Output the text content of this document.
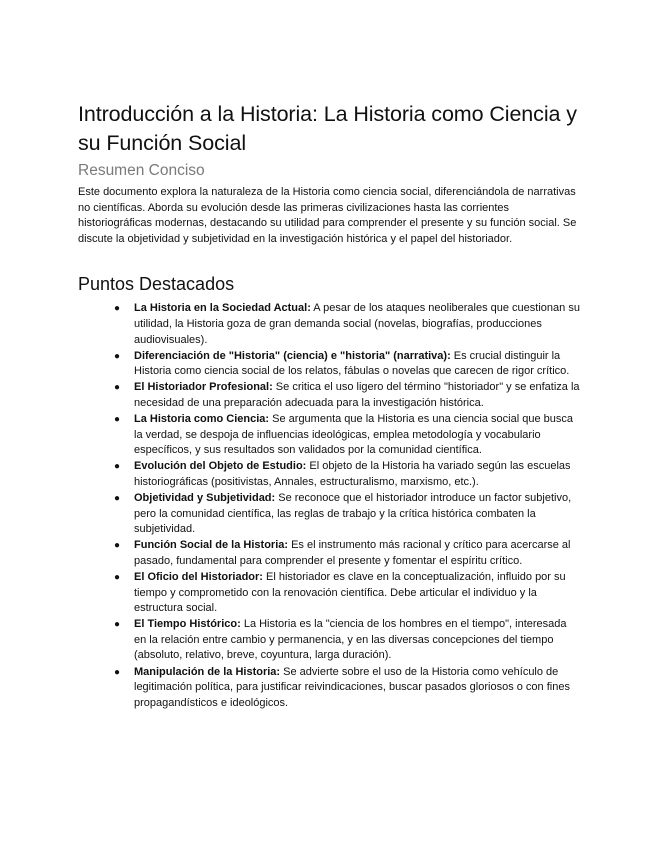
Introducción a la Historia: La Historia como Ciencia y su Función Social
Resumen Conciso

Este documento explora la naturaleza de la Historia como ciencia social, diferenciándola de narrativas no científicas. Aborda su evolución desde las primeras civilizaciones hasta las corrientes historiográficas modernas, destacando su utilidad para comprender el presente y su función social. Se discute la objetividad y subjetividad en la investigación histórica y el papel del historiador.

Puntos Destacados
● La Historia en la Sociedad Actual: A pesar de los ataques neoliberales que cuestionan su utilidad, la Historia goza de gran demanda social (novelas, biografías, producciones audiovisuales).
● Diferenciación de "Historia" (ciencia) e "historia" (narrativa): Es crucial distinguir la Historia como ciencia social de los relatos, fábulas o novelas que carecen de rigor crítico.
● El Historiador Profesional: Se critica el uso ligero del término "historiador" y se enfatiza la necesidad de una preparación adecuada para la investigación histórica.
● La Historia como Ciencia: Se argumenta que la Historia es una ciencia social que busca la verdad, se despoja de influencias ideológicas, emplea metodología y vocabulario específicos, y sus resultados son validados por la comunidad científica.
● Evolución del Objeto de Estudio: El objeto de la Historia ha variado según las escuelas historiográficas (positivistas, Annales, estructuralismo, marxismo, etc.).
● Objetividad y Subjetividad: Se reconoce que el historiador introduce un factor subjetivo, pero la comunidad científica, las reglas de trabajo y la crítica histórica combaten la subjetividad.
● Función Social de la Historia: Es el instrumento más racional y crítico para acercarse al pasado, fundamental para comprender el presente y fomentar el espíritu crítico.
● El Oficio del Historiador: El historiador es clave en la conceptualización, influido por su tiempo y comprometido con la renovación científica. Debe articular el individuo y la estructura social.
● El Tiempo Histórico: La Historia es la "ciencia de los hombres en el tiempo", interesada en la relación entre cambio y permanencia, y en las diversas concepciones del tiempo (absoluto, relativo, breve, coyuntura, larga duración).
● Manipulación de la Historia: Se advierte sobre el uso de la Historia como vehículo de legitimación política, para justificar reivindicaciones, buscar pasados gloriosos o con fines propagandísticos e ideológicos.
